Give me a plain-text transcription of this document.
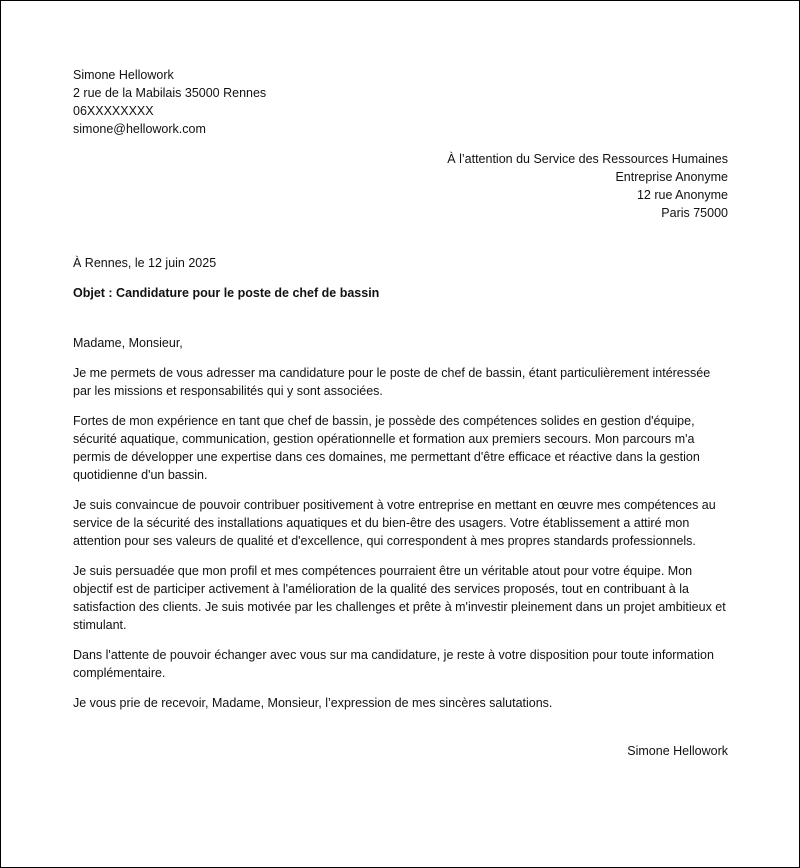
Simone Hellowork
2 rue de la Mabilais 35000 Rennes
06XXXXXXXX
simone@hellowork.com
À l’attention du Service des Ressources Humaines
Entreprise Anonyme
12 rue Anonyme
Paris 75000
À Rennes, le 12 juin 2025
Objet : Candidature pour le poste de chef de bassin
Madame, Monsieur,
Je me permets de vous adresser ma candidature pour le poste de chef de bassin, étant particulièrement intéressée par les missions et responsabilités qui y sont associées.
Fortes de mon expérience en tant que chef de bassin, je possède des compétences solides en gestion d'équipe, sécurité aquatique, communication, gestion opérationnelle et formation aux premiers secours. Mon parcours m'a permis de développer une expertise dans ces domaines, me permettant d'être efficace et réactive dans la gestion quotidienne d'un bassin.
Je suis convaincue de pouvoir contribuer positivement à votre entreprise en mettant en œuvre mes compétences au service de la sécurité des installations aquatiques et du bien-être des usagers. Votre établissement a attiré mon attention pour ses valeurs de qualité et d'excellence, qui correspondent à mes propres standards professionnels.
Je suis persuadée que mon profil et mes compétences pourraient être un véritable atout pour votre équipe. Mon objectif est de participer activement à l'amélioration de la qualité des services proposés, tout en contribuant à la satisfaction des clients. Je suis motivée par les challenges et prête à m'investir pleinement dans un projet ambitieux et stimulant.
Dans l'attente de pouvoir échanger avec vous sur ma candidature, je reste à votre disposition pour toute information complémentaire.
Je vous prie de recevoir, Madame, Monsieur, l’expression de mes sincères salutations.
Simone Hellowork
